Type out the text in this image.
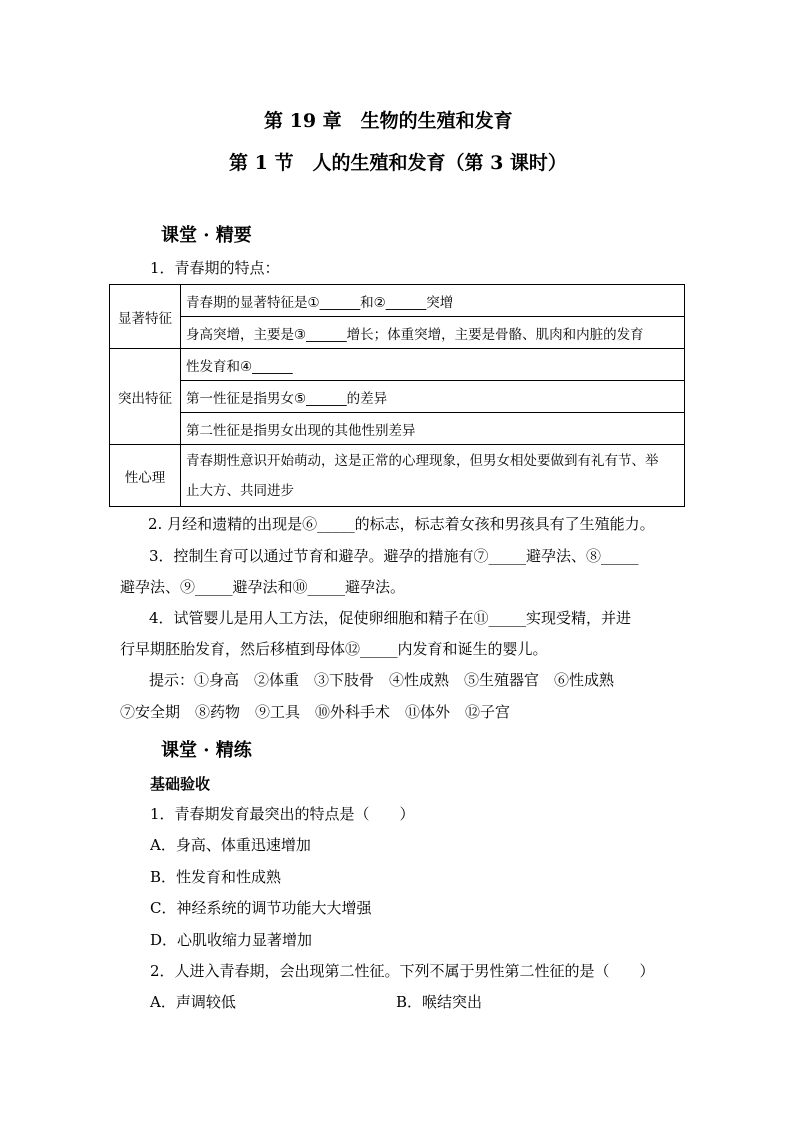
第 19 章　生物的生殖和发育
第 1 节　人的生殖和发育（第 3 课时）
课堂 · 精要
1．青春期的特点：
显著特征	青春期的显著特征是①______和②______突增
	身高突增，主要是③______增长；体重突增，主要是骨骼、肌肉和内脏的发育
突出特征	性发育和④______
	第一性征是指男女⑤______的差异
	第二性征是指男女出现的其他性别差异
性心理	青春期性意识开始萌动，这是正常的心理现象，但男女相处要做到有礼有节、举
止大方、共同进步
2. 月经和遗精的出现是⑥_____的标志，标志着女孩和男孩具有了生殖能力。
3．控制生育可以通过节育和避孕。避孕的措施有⑦_____避孕法、⑧_____
避孕法、⑨_____避孕法和⑩_____避孕法。
4．试管婴儿是用人工方法，促使卵细胞和精子在⑪_____实现受精，并进
行早期胚胎发育，然后移植到母体⑫_____内发育和诞生的婴儿。
提示：①身高　②体重　③下肢骨　④性成熟　⑤生殖器官　⑥性成熟
⑦安全期　⑧药物　⑨工具　⑩外科手术　⑪体外　⑫子宫
课堂 · 精练
基础验收
1．青春期发育最突出的特点是（　　）
A．身高、体重迅速增加
B．性发育和性成熟
C．神经系统的调节功能大大增强
D．心肌收缩力显著增加
2．人进入青春期，会出现第二性征。下列不属于男性第二性征的是（　　）
A．声调较低	B．喉结突出
